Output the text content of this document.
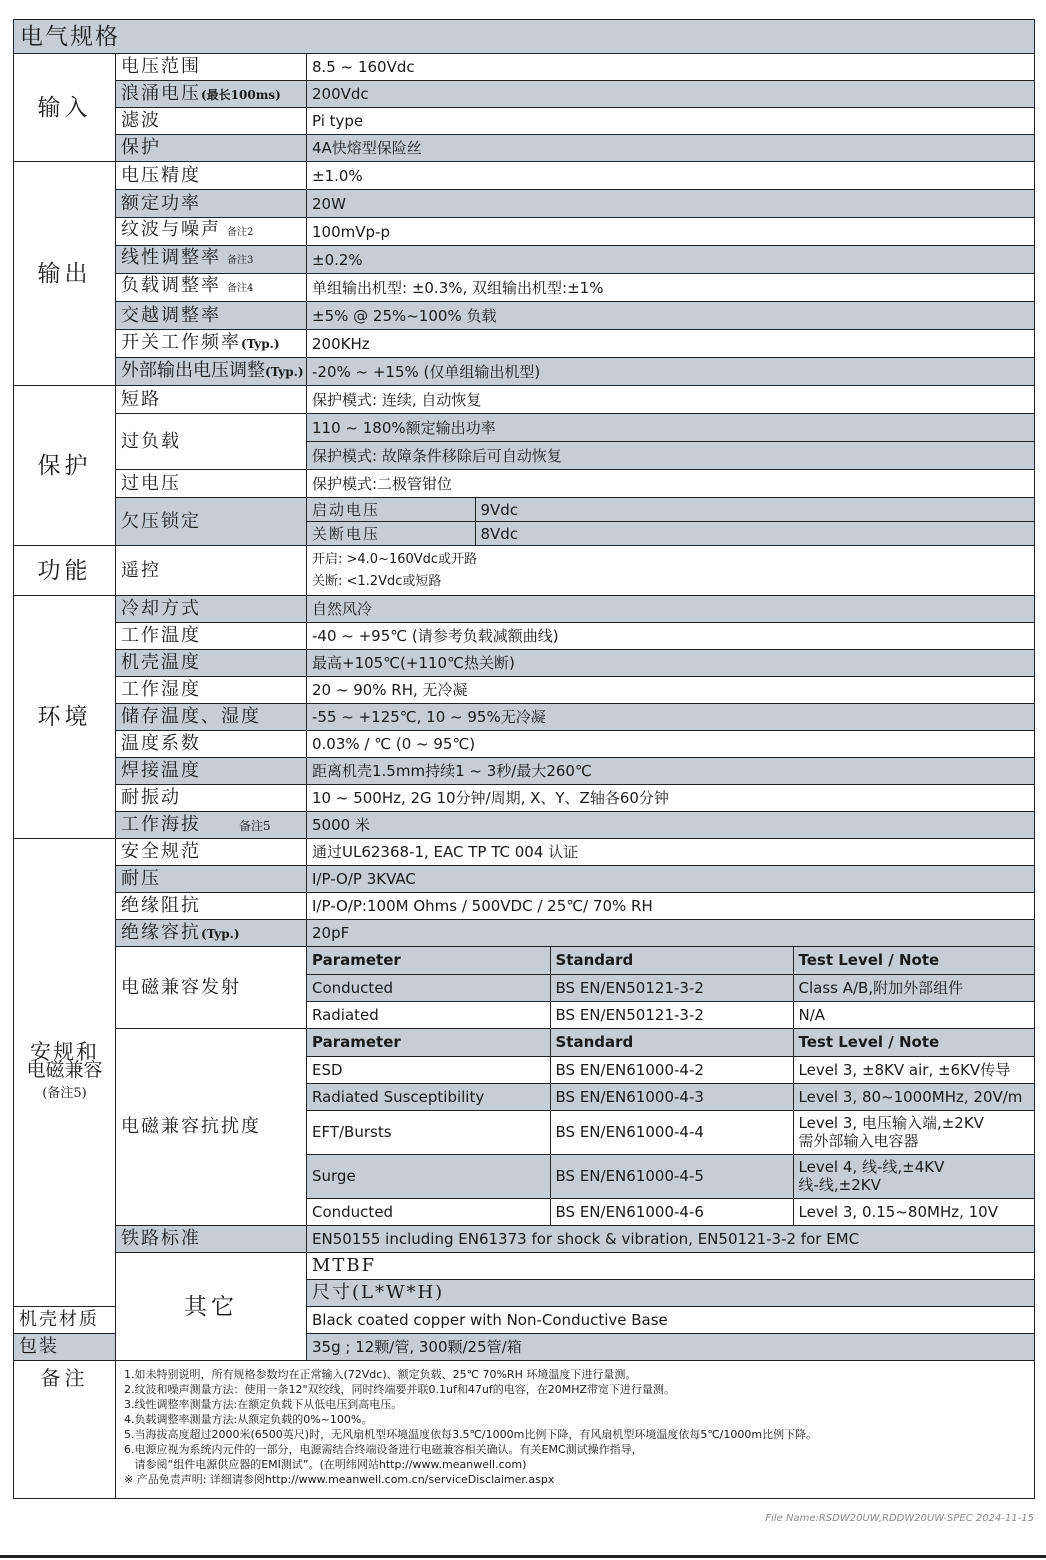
电气规格
输入	电压范围	8.5 ~ 160Vdc
浪涌电压(最长100ms)	200Vdc
滤波	Pi type
保护	4A快熔型保险丝
输出	电压精度	±1.0%
额定功率	20W
纹波与噪声 备注2	100mVp-p
线性调整率 备注3	±0.2%
负载调整率 备注4	单组输出机型: ±0.3%, 双组输出机型:±1%
交越调整率	±5% @ 25%~100% 负载
开关工作频率(Typ.)	200KHz
外部输出电压调整(Typ.)	-20% ~ +15% (仅单组输出机型)
保护	短路	保护模式: 连续, 自动恢复
过负载	110 ~ 180%额定输出功率
保护模式: 故障条件移除后可自动恢复
过电压	保护模式:二极管钳位
欠压锁定	
启动电压	9Vdc

关断电压	8Vdc

功能	遥控	
开启: >4.0~160Vdc或开路
关断: <1.2Vdc或短路

环境	冷却方式	自然风冷
工作温度	-40 ~ +95℃ (请参考负载减额曲线)
机壳温度	最高+105℃(+110℃热关断)
工作湿度	20 ~ 90% RH, 无冷凝
储存温度、湿度	-55 ~ +125℃, 10 ~ 95%无冷凝
温度系数	0.03% / ℃ (0 ~ 95℃)
焊接温度	距离机壳1.5mm持续1 ~ 3秒/最大260℃
耐振动	10 ~ 500Hz, 2G 10分钟/周期, X、Y、Z轴各60分钟
工作海拔	备注5	5000 米

安规和
电磁兼容
(备注5)
	安全规范	通过UL62368-1, EAC TP TC 004 认证
耐压	I/P-O/P 3KVAC
绝缘阻抗	I/P-O/P:100M Ohms / 500VDC / 25℃/ 70% RH
绝缘容抗(Typ.)	20pF
电磁兼容发射	
Parameter	Standard	Test Level / Note
Conducted	BS EN/EN50121-3-2	Class A/B,附加外部组件
Radiated	BS EN/EN50121-3-2	N/A

电磁兼容抗扰度	
Parameter	Standard	Test Level / Note
ESD	BS EN/EN61000-4-2	Level 3, ±8KV air, ±6KV传导
Radiated Susceptibility	BS EN/EN61000-4-3	Level 3, 80~1000MHz, 20V/m
EFT/Bursts	BS EN/EN61000-4-4	Level 3, 电压输入端,±2KV
需外部输入电容器

Surge	BS EN/EN61000-4-5	Level 4, 线-线,±4KV
线-线,±2KV

Conducted	BS EN/EN61000-4-6	Level 3, 0.15~80MHz, 10V

铁路标准	EN50155 including EN61373 for shock & vibration, EN50121-3-2 for EMC
其它	MTBF	
尺寸(L*W*H)	
机壳材质	Black coated copper with Non-Conductive Base
包装	35g ; 12颗/管, 300颗/25管/箱
备注	1.如未特别说明，所有规格参数均在正常输入(72Vdc)、额定负载、25℃ 70%RH 环境温度下进行量测。
2.纹波和噪声测量方法：使用一条12"双绞线，同时终端要并联0.1uf和47uf的电容，在20MHZ带宽下进行量测。
3.线性调整率测量方法:在额定负载下从低电压到高电压。
4.负载调整率测量方法:从额定负载的0%~100%。
5.当海拔高度超过2000米(6500英尺)时，无风扇机型环境温度依每3.5℃/1000m比例下降，有风扇机型环境温度依每5℃/1000m比例下降。
6.电源应视为系统内元件的一部分，电源需结合终端设备进行电磁兼容相关确认。有关EMC测试操作指导，
请参阅“组件电源供应器的EMI测试”。(在明纬网站http://www.meanwell.com)
※ 产品免责声明: 详细请参阅http://www.meanwell.com.cn/serviceDisclaimer.aspx
File Name:RSDW20UW,RDDW20UW-SPEC 2024-11-15
